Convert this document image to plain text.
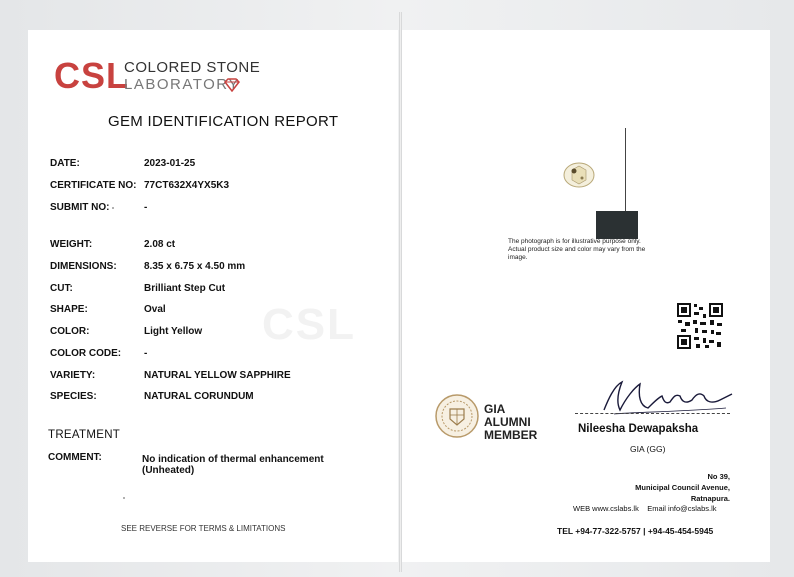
CSL
CSL
COLORED STONE
LABORATORY
GEM IDENTIFICATION REPORT
DATE:	2023-01-25
CERTIFICATE NO: 77CT632X4YX5K3
SUBMIT NO:	-
WEIGHT:	2.08 ct
DIMENSIONS:	8.35 x 6.75 x 4.50 mm
CUT:	Brilliant Step Cut
SHAPE:	Oval
COLOR:	Light Yellow
COLOR CODE: -
VARIETY:	NATURAL YELLOW SAPPHIRE
SPECIES:	NATURAL CORUNDUM
TREATMENT
COMMENT:	No indication of thermal enhancement (Unheated)
SEE REVERSE FOR TERMS & LIMITATIONS
The photograph is for illustrative purpose only. Actual product size and color may vary from the image.
GIA ALUMNI
MEMBER	Nileesha Dewapaksha
GIA (GG)
No 39,
Municipal Council Avenue,
Ratnapura.
WEB www.cslabs.lk Email info@cslabs.lk
TEL +94-77-322-5757 | +94-45-454-5945
